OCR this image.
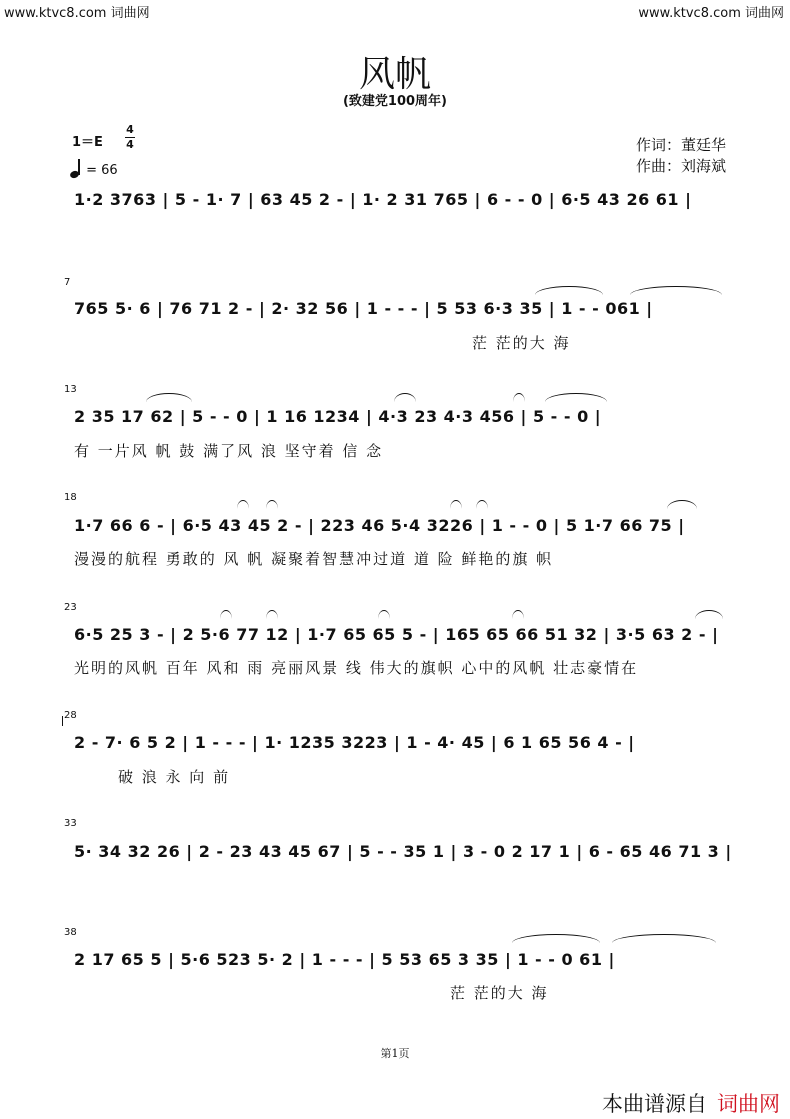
www.ktvc8.com 词曲网	www.ktvc8.com 词曲网
风帆
(致建党100周年)
1＝E
4
4
= 66
作词：董廷华
作曲：刘海斌
1·2 3763 | 5 - 1· 7 | 63 45 2 - | 1· 2 31 765 | 6 - - 0 | 6·5 43 26 61 |
7
765 5· 6 | 76 71 2 - | 2· 32 56 | 1 - - - | 5 53 6·3 35 | 1 - - 061 |
茫 茫的大 海
13
2 35 17 62 | 5 - - 0 | 1 16 1234 | 4·3 23 4·3 456 | 5 - - 0 |
有 一片风 帆 鼓 满了风 浪 坚守着 信 念
18
1·7 66 6 - | 6·5 43 45 2 - | 223 46 5·4 3226 | 1 - - 0 | 5 1·7 66 75 |
漫漫的航程 勇敢的 风 帆 凝聚着智慧冲过道 道 险 鲜艳的旗 帜
23
6·5 25 3 - | 2 5·6 77 12 | 1·7 65 65 5 - | 165 65 66 51 32 | 3·5 63 2 - |
光明的风帆 百年 风和 雨 亮丽风景 线 伟大的旗帜 心中的风帆 壮志豪情在
28
2 - 7· 6 5 2 | 1 - - - | 1· 1235 3223 | 1 - 4· 45 | 6 1 65 56 4 - |
破 浪 永 向 前
33
5· 34 32 26 | 2 - 23 43 45 67 | 5 - - 35 1 | 3 - 0 2 17 1 | 6 - 65 46 71 3 |
38
2 17 65 5 | 5·6 523 5· 2 | 1 - - - | 5 53 65 3 35 | 1 - - 0 61 |
茫 茫的大 海
第1页
本曲谱源自 词曲网
